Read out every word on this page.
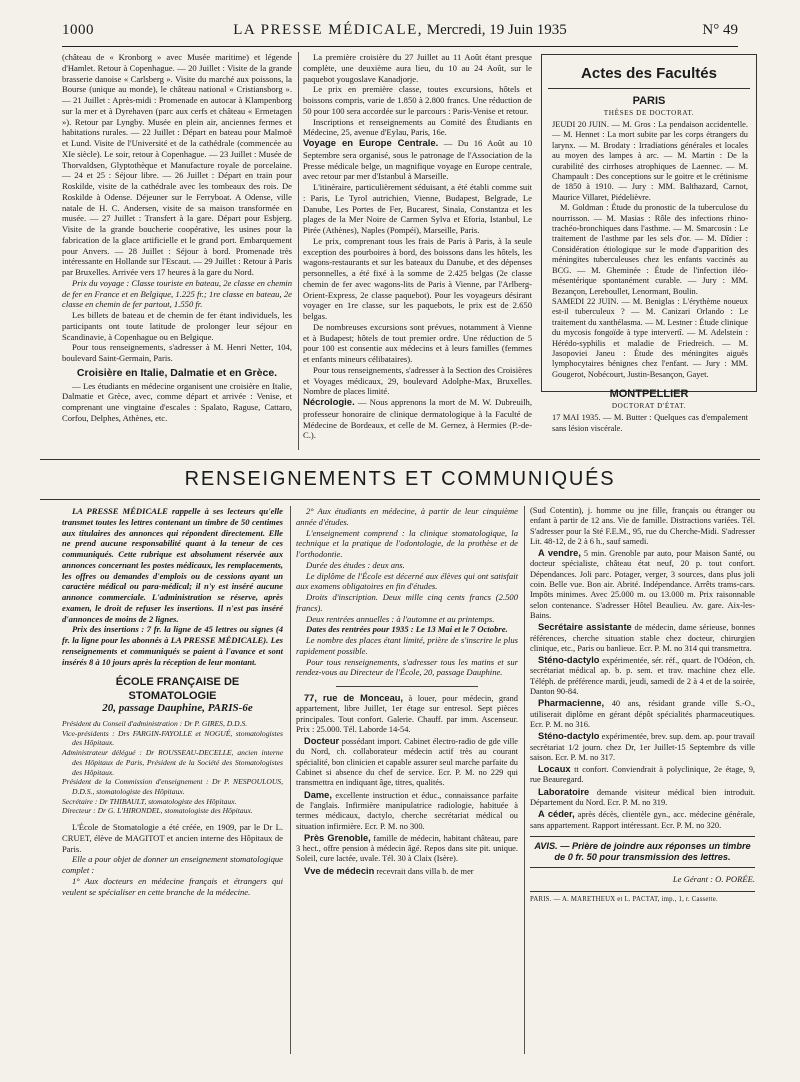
1000	LA PRESSE MÉDICALE, Mercredi, 19 Juin 1935	N° 49

(château de « Kronborg » avec Musée maritime) et légende d'Hamlet. Retour à Copenhague. — 20 Juillet : Visite de la grande brasserie danoise « Carlsberg ». Visite du marché aux poissons, la Bourse (unique au monde), le château national « Cristiansborg ». — 21 Juillet : Après-midi : Promenade en autocar à Klampenborg sur la mer et à Dyrehaven (parc aux cerfs et château « Ermetagen »). Retour par Lyngby. Musée en plein air, anciennes fermes et habitations rurales. — 22 Juillet : Départ en bateau pour Malmoë et Lund. Visite de l'Université et de la cathédrale (commencée au XIe siècle). Le soir, retour à Copenhague. — 23 Juillet : Musée de Thorvaldsen, Glyptothèque et Manufacture royale de porcelaine. — 24 et 25 : Séjour libre. — 26 Juillet : Départ en train pour Roskilde, visite de la cathédrale avec les tombeaux des rois. De Roskilde à Odense. Déjeuner sur le Ferryboat. A Odense, ville natale de H. C. Andersen, visite de sa maison transformée en musée. — 27 Juillet : Transfert à la gare. Départ pour Esbjerg. Visite de la grande boucherie coopérative, les usines pour la fabrication de la glace artificielle et le grand port. Embarquement pour Anvers. — 28 Juillet : Séjour à bord. Promenade très intéressante en Hollande sur l'Escaut. — 29 Juillet : Retour à Paris par Bruxelles. Arrivée vers 17 heures à la gare du Nord.

Prix du voyage : Classe touriste en bateau, 2e classe en chemin de fer en France et en Belgique, 1.225 fr.; 1re classe en bateau, 2e classe en chemin de fer partout, 1.550 fr.

Les billets de bateau et de chemin de fer étant individuels, les participants ont toute latitude de prolonger leur séjour en Scandinavie, à Copenhague ou en Belgique.

Pour tous renseignements, s'adresser à M. Henri Netter, 104, boulevard Saint-Germain, Paris.

Croisière en Italie, Dalmatie et en Grèce.

— Les étudiants en médecine organisent une croisière en Italie, Dalmatie et Grèce, avec, comme départ et arrivée : Venise, et comprenant une vingtaine d'escales : Spalato, Raguse, Cattaro, Corfou, Delphes, Athènes, etc.

La première croisière du 27 Juillet au 11 Août étant presque complète, une deuxième aura lieu, du 10 au 24 Août, sur le paquebot yougoslave Kanadjorje.

Le prix en première classe, toutes excursions, hôtels et boissons compris, varie de 1.850 à 2.800 francs. Une réduction de 50 pour 100 sera accordée sur le parcours : Paris-Venise et retour.

Inscriptions et renseignements au Comité des Étudiants en Médecine, 25, avenue d'Eylau, Paris, 16e.

Voyage en Europe Centrale. — Du 16 Août au 10 Septembre sera organisé, sous le patronage de l'Association de la Presse médicale belge, un magnifique voyage en Europe centrale, avec retour par mer d'Istanbul à Marseille.

L'itinéraire, particulièrement séduisant, a été établi comme suit : Paris, Le Tyrol autrichien, Vienne, Budapest, Belgrade, Le Danube, Les Portes de Fer, Bucarest, Sinaïa, Constantza et les plages de la Mer Noire de Carmen Sylva et Eforia, Istanbul, Le Pirée (Athènes), Naples (Pompéi), Marseille, Paris.

Le prix, comprenant tous les frais de Paris à Paris, à la seule exception des pourboires à bord, des boissons dans les hôtels, les wagons-restaurants et sur les bateaux du Danube, et des dépenses personnelles, a été fixé à la somme de 2.425 belgas (2e classe chemin de fer avec wagons-lits de Paris à Vienne, par l'Arlberg-Orient-Express, 2e classe paquebot). Pour les voyageurs désirant voyager en 1re classe, sur les paquebots, le prix est de 2.650 belgas.

De nombreuses excursions sont prévues, notamment à Vienne et à Budapest; hôtels de tout premier ordre. Une réduction de 5 pour 100 est consentie aux médecins et à leurs familles (femmes et enfants mineurs célibataires).

Pour tous renseignements, s'adresser à la Section des Croisières et Voyages médicaux, 29, boulevard Adolphe-Max, Bruxelles. Nombre de places limité.

Nécrologie. — Nous apprenons la mort de M. W. Dubreuilh, professeur honoraire de clinique dermatologique à la Faculté de Médecine de Bordeaux, et celle de M. Gernez, à Hermies (P.-de-C.).

Actes des Facultés
PARIS
THÈSES DE DOCTORAT.

JEUDI 20 JUIN. — M. Gros : La pendaison accidentelle. — M. Hennet : La mort subite par les corps étrangers du larynx. — M. Brodaty : Irradiations générales et locales au moyen des lampes à arc. — M. Martin : De la curabilité des cirrhoses atrophiques de Laennec. — M. Champault : Des conceptions sur le goitre et le crétinisme de 1850 à 1910. — Jury : MM. Balthazard, Carnot, Maurice Villaret, Piédelièvre.

M. Goldman : Étude du pronostic de la tuberculose du nourrisson. — M. Masias : Rôle des infections rhino-trachéo-bronchiques dans l'asthme. — M. Smarcosin : Le traitement de l'asthme par les sels d'or. — M. Dîdier : Considération étiologique sur le mode d'apparition des méningites tuberculeuses chez les enfants vaccinés au BCG. — M. Gheminée : Étude de l'infection iléo-mésentérique spontanément curable. — Jury : MM. Bezançon, Lereboullet, Lenormant, Boulin.

SAMEDI 22 JUIN. — M. Beniglas : L'érythème noueux est-il tuberculeux ? — M. Canizari Orlando : Le traitement du xanthélasma. — M. Lestner : Étude clinique du mycosis fongoïde à type intervertî. — M. Adelstein : Hérédo-syphilis et maladie de Friedreich. — M. Jasopoviei Janeu : Étude des méningites aiguës lymphocytaires bénignes chez l'enfant. — Jury : MM. Gougerot, Nobécourt, Justin-Besançon, Gayet.

MONTPELLIER
DOCTORAT D'ÉTAT.

17 MAI 1935. — M. Butter : Quelques cas d'empalement sans lésion viscérale.

RENSEIGNEMENTS ET COMMUNIQUÉS

LA PRESSE MÉDICALE rappelle à ses lecteurs qu'elle transmet toutes les lettres contenant un timbre de 50 centimes aux titulaires des annonces qui répondent directement. Elle ne prend aucune responsabilité quant à la teneur de ces communiqués. Cette rubrique est absolument réservée aux annonces concernant les postes médicaux, les remplacements, les offres ou demandes d'emplois ou de cessions ayant un caractère médical ou para-médical; il n'y est inséré aucune annonce commerciale. L'administration se réserve, après examen, le droit de refuser les insertions. Il n'est pas inséré d'annonces de moins de 2 lignes.

Prix des insertions : 7 fr. la ligne de 45 lettres ou signes (4 fr. la ligne pour les abonnés à LA PRESSE MÉDICALE). Les renseignements et communiqués se paient à l'avance et sont insérés 8 à 10 jours après la réception de leur montant.

ÉCOLE FRANÇAISE DE STOMATOLOGIE

20, passage Dauphine, PARIS-6e

Président du Conseil d'administration : Dr P. GIRES, D.D.S.

Vice-présidents : Drs FARGIN-FAYOLLE et NOGUÉ, stomatologistes des Hôpitaux.

Administrateur délégué : Dr ROUSSEAU-DECELLE, ancien interne des Hôpitaux de Paris, Président de la Société des Stomatologistes des Hôpitaux.

Président de la Commission d'enseignement : Dr P. NESPOULOUS, D.D.S., stomatologiste des Hôpitaux.

Secrétaire : Dr THIBAULT, stomatologiste des Hôpitaux.

Directeur : Dr G. L'HIRONDEL, stomatologiste des Hôpitaux.

L'École de Stomatologie a été créée, en 1909, par le Dr L. CRUET, élève de MAGITOT et ancien interne des Hôpitaux de Paris.

Elle a pour objet de donner un enseignement stomatologique complet :

1° Aux docteurs en médecine français et étrangers qui veulent se spécialiser en cette branche de la médecine.

2° Aux étudiants en médecine, à partir de leur cinquième année d'études.

L'enseignement comprend : la clinique stomatologique, la technique et la pratique de l'odontologie, de la prothèse et de l'orthodontie.

Durée des études : deux ans.

Le diplôme de l'École est décerné aux élèves qui ont satisfait aux examens obligatoires en fin d'études.

Droits d'inscription. Deux mille cinq cents francs (2.500 francs).

Deux rentrées annuelles : à l'automne et au printemps.

Dates des rentrées pour 1935 : Le 13 Mai et le 7 Octobre.

Le nombre des places étant limité, prière de s'inscrire le plus rapidement possible.

Pour tous renseignements, s'adresser tous les matins et sur rendez-vous au Directeur de l'École, 20, passage Dauphine.

77, rue de Monceau, à louer, pour médecin, grand appartement, libre Juillet, 1er étage sur entresol. Sept pièces principales. Tout confort. Galerie. Chauff. par imm. Ascenseur. Prix : 25.000. Tél. Laborde 14-54.

Docteur possédant import. Cabinet électro-radio de gde ville du Nord, ch. collaborateur médecin actif très au courant spécialité, bon clinicien et capable assurer seul marche parfaite du Cabinet si absence du chef de service. Ecr. P. M. no 229 qui transmettra en indiquant âge, titres, qualités.

Dame, excellente instruction et éduc., connaissance parfaite de l'anglais. Infirmière manipulatrice radiologie, habituée à termes médicaux, dactylo, cherche secrétariat médical ou situation infirmière. Ecr. P. M. no 300.

Près Grenoble, famille de médecin, habitant château, pare 3 hect., offre pension à médecin âgé. Repos dans site pit. unique. Soleil, cure lactée, uvale. Tél. 30 à Claix (Isère).

Vve de médecin recevrait dans villa b. de mer

(Sud Cotentin), j. homme ou jne fille, français ou étranger ou enfant à partir de 12 ans. Vie de famille. Distractions variées. Tél. S'adresser pour la Sté F.E.M., 95, rue du Cherche-Midi. S'adresser Lit. 48-12, de 2 à 6 h., sauf samedi.

A vendre, 5 min. Grenoble par auto, pour Maison Santé, ou docteur spécialiste, château état neuf, 20 p. tout confort. Dépendances. Joli parc. Potager, verger, 3 sources, dans plus joli coin. Belle vue. Bon air. Abrité. Indépendance. Arrêts trams-cars. Impôts minimes. Avec 25.000 m. ou 13.000 m. Prix raisonnable selon contenance. S'adresser Hôtel Beaulieu. Av. gare. Aix-les-Bains.

Secrétaire assistante de médecin, dame sérieuse, bonnes références, cherche situation stable chez docteur, chirurgien clinique, etc., Paris ou banlieue. Ecr. P. M. no 314 qui transmettra.

Sténo-dactylo expérimentée, sér. réf., quart. de l'Odéon, ch. secrétariat médical ap. b. p. sem. et trav. machine chez elle. Téléph. de préférence mardi, jeudi, samedi de 2 à 4 et de la soirée, Danton 90-84.

Pharmacienne, 40 ans, résidant grande ville S.-O., utiliserait diplôme en gérant dépôt spécialités pharmaceutiques. Ecr. P. M. no 316.

Sténo-dactylo expérimentée, brev. sup. dem. ap. pour travail secrétariat 1/2 journ. chez Dr, 1er Juillet-15 Septembre ds ville saison. Ecr. P. M. no 317.

Locaux tt confort. Conviendrait à polyclinique, 2e étage, 9, rue Beauregard.

Laboratoire demande visiteur médical bien introduit. Département du Nord. Ecr. P. M. no 319.

A céder, après décès, clientèle gyn., acc. médecine générale, sans appartement. Rapport intéressant. Ecr. P. M. no 320.

AVIS. — Prière de joindre aux réponses un timbre de 0 fr. 50 pour transmission des lettres.
Le Gérant : O. PORÉE.
PARIS. — A. MARETHEUX et L. PACTAT, imp., 1, r. Cassette.
